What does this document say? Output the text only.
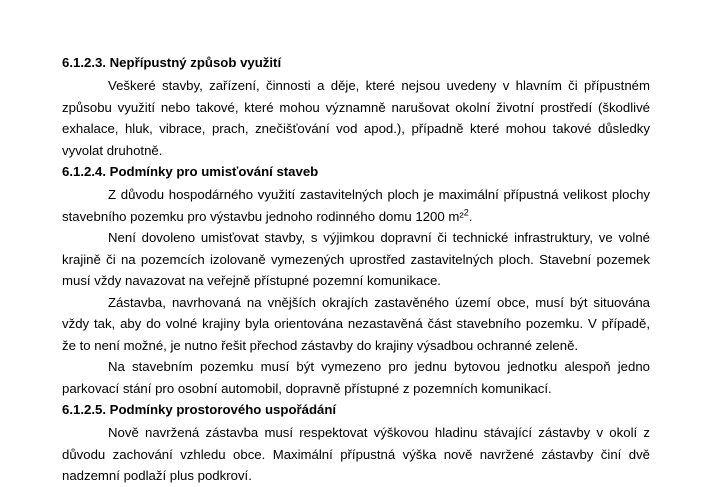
6.1.2.3. Nepřípustný způsob využití

Veškeré stavby, zařízení, činnosti a děje, které nejsou uvedeny v hlavním či přípustném způsobu využití nebo takové, které mohou významně narušovat okolní životní prostředí (škodlivé exhalace, hluk, vibrace, prach, znečišťování vod apod.), případně které mohou takové důsledky vyvolat druhotně.

6.1.2.4. Podmínky pro umisťování staveb

Z důvodu hospodárného využití zastavitelných ploch je maximální přípustná velikost plochy stavebního pozemku pro výstavbu jednoho rodinného domu 1200 m²$^2$.

Není dovoleno umisťovat stavby, s výjimkou dopravní či technické infrastruktury, ve volné krajině či na pozemcích izolovaně vymezených uprostřed zastavitelných ploch. Stavební pozemek musí vždy navazovat na veřejně přístupné pozemní komunikace.

Zástavba, navrhovaná na vnějších okrajích zastavěného území obce, musí být situována vždy tak, aby do volné krajiny byla orientována nezastavěná část stavebního pozemku. V případě, že to není možné, je nutno řešit přechod zástavby do krajiny výsadbou ochranné zeleně.

Na stavebním pozemku musí být vymezeno pro jednu bytovou jednotku alespoň jedno parkovací stání pro osobní automobil, dopravně přístupné z pozemních komunikací.

6.1.2.5. Podmínky prostorového uspořádání

Nově navržená zástavba musí respektovat výškovou hladinu stávající zástavby v okolí z důvodu zachování vzhledu obce. Maximální přípustná výška nově navržené zástavby činí dvě nadzemní podlaží plus podkroví.
